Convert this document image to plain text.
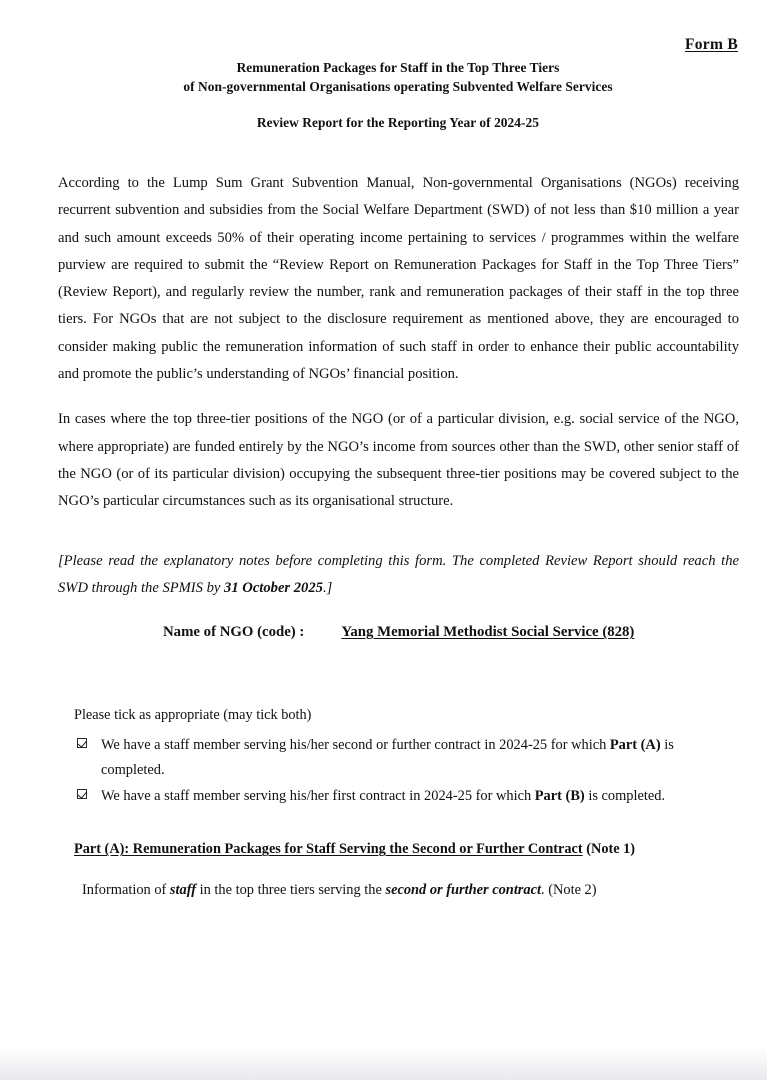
Form B
Remuneration Packages for Staff in the Top Three Tiers
of Non-governmental Organisations operating Subvented Welfare Services
Review Report for the Reporting Year of 2024-25

According to the Lump Sum Grant Subvention Manual, Non-governmental Organisations (NGOs) receiving recurrent subvention and subsidies from the Social Welfare Department (SWD) of not less than $10 million a year and such amount exceeds 50% of their operating income pertaining to services / programmes within the welfare purview are required to submit the “Review Report on Remuneration Packages for Staff in the Top Three Tiers” (Review Report), and regularly review the number, rank and remuneration packages of their staff in the top three tiers. For NGOs that are not subject to the disclosure requirement as mentioned above, they are encouraged to consider making public the remuneration information of such staff in order to enhance their public accountability and promote the public’s understanding of NGOs’ financial position.

In cases where the top three-tier positions of the NGO (or of a particular division, e.g. social service of the NGO, where appropriate) are funded entirely by the NGO’s income from sources other than the SWD, other senior staff of the NGO (or of its particular division) occupying the subsequent three-tier positions may be covered subject to the NGO’s particular circumstances such as its organisational structure.

[Please read the explanatory notes before completing this form. The completed Review Report should reach the SWD through the SPMIS by 31 October 2025.]

Name of NGO (code) :	Yang Memorial Methodist Social Service (828)
Please tick as appropriate (may tick both)
We have a staff member serving his/her second or further contract in 2024-25 for which Part (A) is completed.
We have a staff member serving his/her first contract in 2024-25 for which Part (B) is completed.
Part (A): Remuneration Packages for Staff Serving the Second or Further Contract (Note 1)
Information of staff in the top three tiers serving the second or further contract. (Note 2)
